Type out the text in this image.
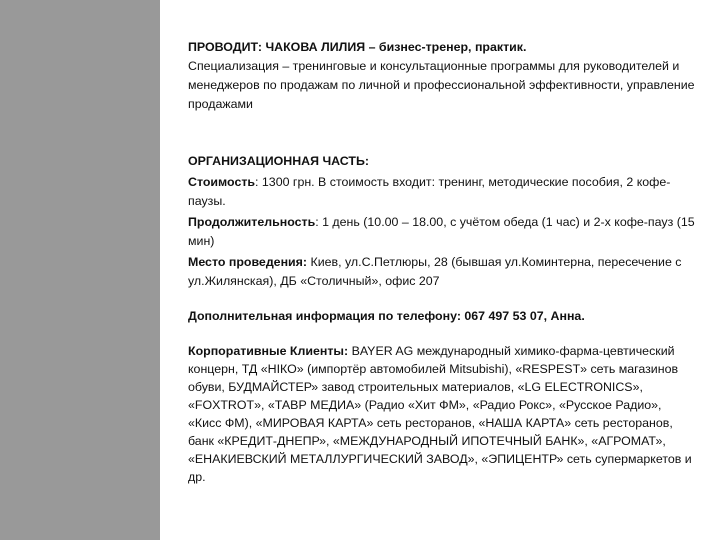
ПРОВОДИТ: ЧАКОВА ЛИЛИЯ – бизнес-тренер, практик.

Специализация – тренинговые и консультационные программы для руководителей и менеджеров по продажам по личной и профессиональной эффективности, управление продажами

ОРГАНИЗАЦИОННАЯ ЧАСТЬ:

Стоимость: 1300 грн. В стоимость входит: тренинг, методические пособия, 2 кофе-паузы.

Продолжительность: 1 день (10.00 – 18.00, с учётом обеда (1 час) и 2-х кофе-пауз (15 мин)

Место проведения: Киев, ул.С.Петлюры, 28 (бывшая ул.Коминтерна, пересечение с ул.Жилянская), ДБ «Столичный», офис 207

Дополнительная информация по телефону: 067 497 53 07, Анна.

Корпоративные Клиенты: BAYER AG международный химико-фарма-цевтический концерн, ТД «НІКО» (импортёр автомобилей Mitsubishi), «RESPEST» сеть магазинов обуви, БУДМАЙСТЕР» завод строительных материалов, «LG ELECTRONICS», «FOXTROT», «ТАВР МЕДИА» (Радио «Хит ФМ», «Радио Рокс», «Русское Радио», «Кисс ФМ), «МИРОВАЯ КАРТА» сеть ресторанов, «НАША КАРТА» сеть ресторанов, банк «КРЕДИТ-ДНЕПР», «МЕЖДУНАРОДНЫЙ ИПОТЕЧНЫЙ БАНК», «АГРОМАТ», «ЕНАКИЕВСКИЙ МЕТАЛЛУРГИЧЕСКИЙ ЗАВОД», «ЭПИЦЕНТР» сеть супермаркетов и др.
